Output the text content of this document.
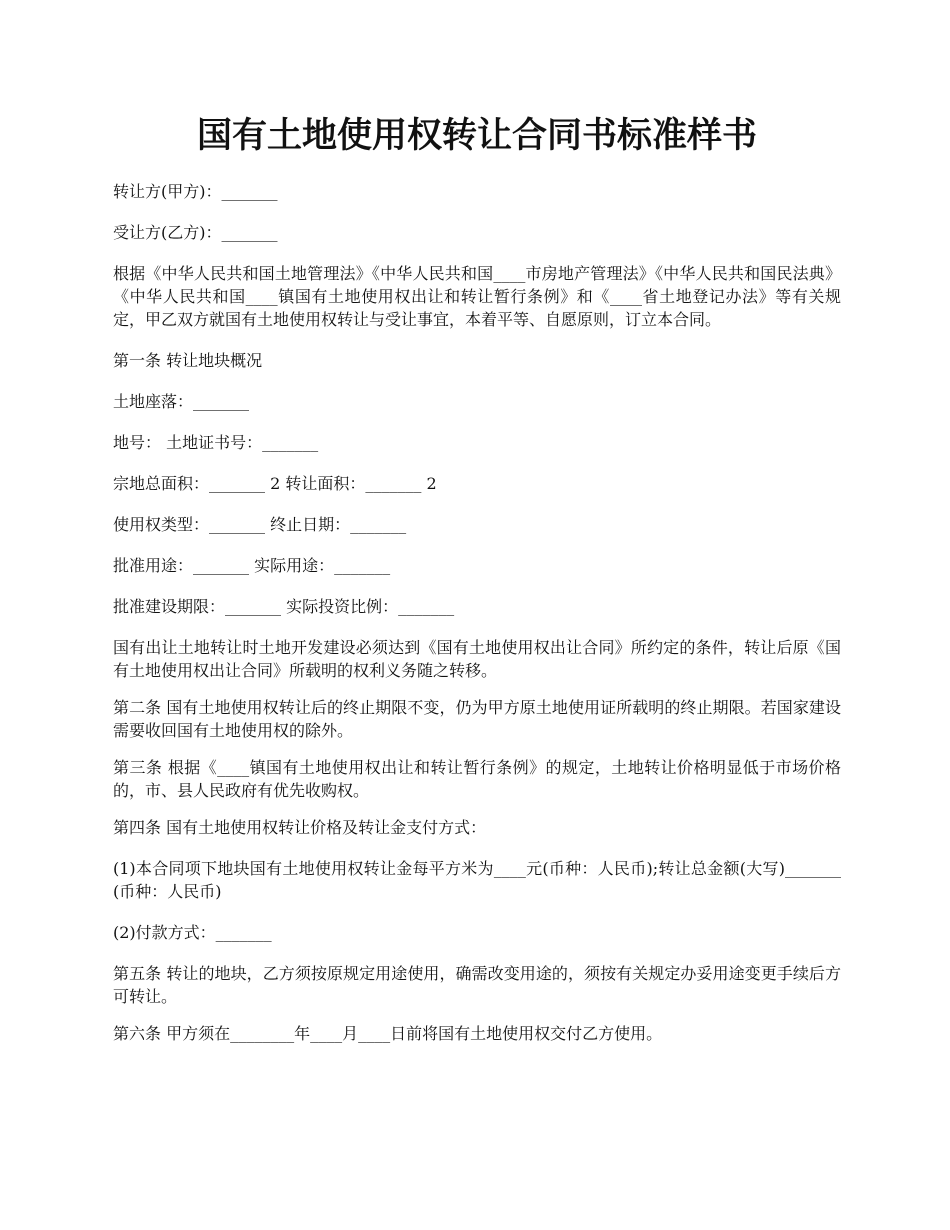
国有土地使用权转让合同书标准样书

转让方(甲方)：_______

受让方(乙方)：_______

根据《中华人民共和国土地管理法》《中华人民共和国____市房地产管理法》《中华人民共和国民法典》《中华人民共和国____镇国有土地使用权出让和转让暂行条例》和《____省土地登记办法》等有关规定，甲乙双方就国有土地使用权转让与受让事宜，本着平等、自愿原则，订立本合同。

第一条 转让地块概况

土地座落：_______

地号： 土地证书号：_______

宗地总面积：_______ 2 转让面积：_______ 2

使用权类型：_______ 终止日期：_______

批准用途：_______ 实际用途：_______

批准建设期限：_______ 实际投资比例：_______

国有出让土地转让时土地开发建设必须达到《国有土地使用权出让合同》所约定的条件，转让后原《国有土地使用权出让合同》所载明的权利义务随之转移。

第二条 国有土地使用权转让后的终止期限不变，仍为甲方原土地使用证所载明的终止期限。若国家建设需要收回国有土地使用权的除外。

第三条 根据《____镇国有土地使用权出让和转让暂行条例》的规定，土地转让价格明显低于市场价格的，市、县人民政府有优先收购权。

第四条 国有土地使用权转让价格及转让金支付方式：

(1)本合同项下地块国有土地使用权转让金每平方米为____元(币种：人民币);转让总金额(大写)_______ (币种：人民币)

(2)付款方式：_______

第五条 转让的地块，乙方须按原规定用途使用，确需改变用途的，须按有关规定办妥用途变更手续后方可转让。

第六条 甲方须在________年____月____日前将国有土地使用权交付乙方使用。
